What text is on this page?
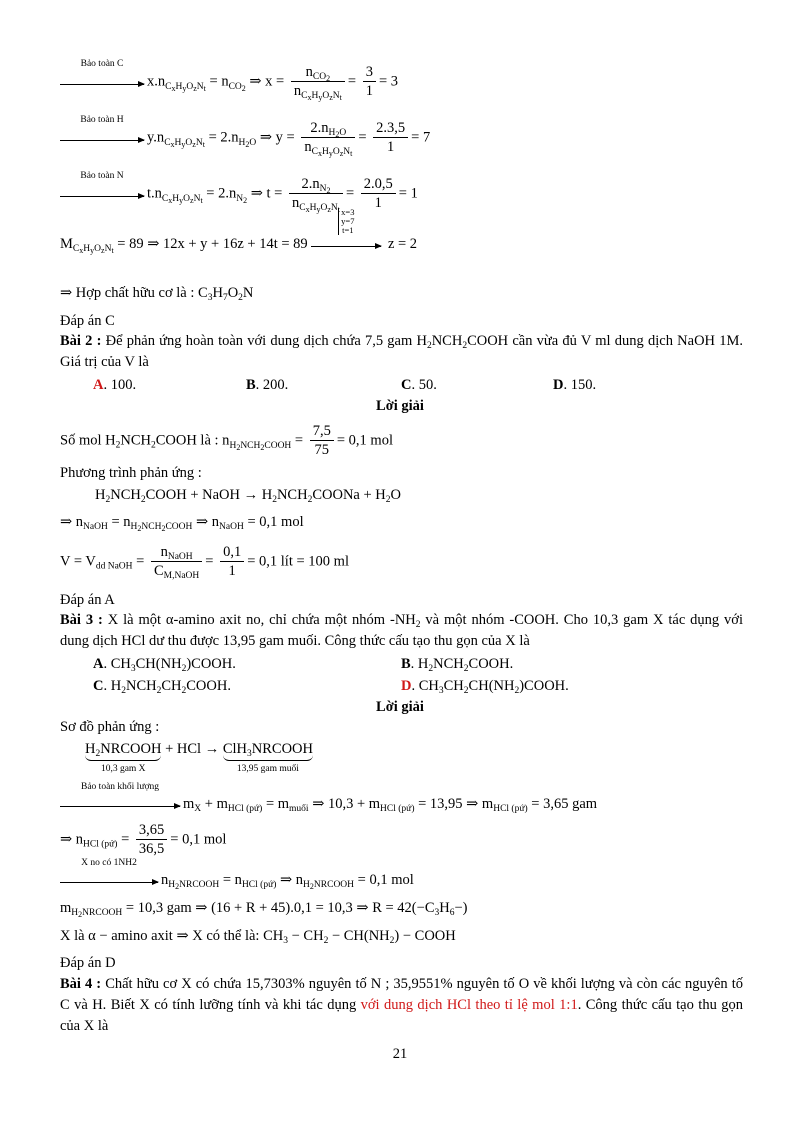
Bảo toàn C
$x.n_{C_xH_yO_zN_t} = n_{CO_2}$ ⇒ $x = \frac{n_{CO_2}}{n_{C_xH_yO_zN_t}} = \frac{3}{1} = 3$
Bảo toàn H
$y.n_{C_xH_yO_zN_t} = 2.n_{H_2O}$ ⇒ $y = \frac{2.n_{H_2O}}{n_{C_xH_yO_zN_t}} = \frac{2.3,5}{1} = 7$
Bảo toàn N
$t.n_{C_xH_yO_zN_t} = 2.n_{N_2}$ ⇒ $t = \frac{2.n_{N_2}}{n_{C_xH_yO_zN_t}} = \frac{2.0,5}{1} = 1$
$M_{C_xH_yO_zN_t} = 89$ ⇒ 12x + y + 16z + 14t = 89
x=3
y=7
t=1
z = 2
⇒ Hợp chất hữu cơ là : $C_3H_7O_2N$
Đáp án C
Bài 2 : Để phản ứng hoàn toàn với dung dịch chứa 7,5 gam $H_2NCH_2COOH$ cần vừa đủ V ml dung dịch NaOH 1M. Giá trị của V là
A. 100.	B. 200.	C. 50.	D. 150.
Lời giải
Số mol $H_2NCH_2COOH$ là : $n_{H_2NCH_2COOH} = \frac{7,5}{75} = 0,1$ mol
Phương trình phản ứng :
$H_2NCH_2COOH$ + NaOH → $H_2NCH_2COONa + H_2O$
⇒ $n_{NaOH} = n_{H_2NCH_2COOH}$ ⇒ $n_{NaOH} = 0,1$ mol
$V = V_{dd NaOH} = \frac{n_{NaOH}}{C_{M,NaOH}} = \frac{0,1}{1} = 0,1$ lít = 100 ml
Đáp án A
Bài 3 : X là một α-amino axit no, chỉ chứa một nhóm $-NH_2$ và một nhóm -COOH. Cho 10,3 gam X tác dụng với dung dịch HCl dư thu được 13,95 gam muối. Công thức cấu tạo thu gọn của X là
A. $CH_3CH(NH_2)COOH$.	B. $H_2NCH_2COOH$.
C. $H_2NCH_2CH_2COOH$.	D. $CH_3CH_2CH(NH_2)COOH$.
Lời giải
Sơ đồ phản ứng :
$H_2NRCOOH$
10,3 gam X
+ HCl → ClH$_3$NRCOOH
13,95 gam muối
Bảo toàn khối lượng
$m_X + m_{HCl (pứ)} = m_{muối}$ ⇒ $10,3 + m_{HCl (pứ)} = 13,95$ ⇒ $m_{HCl (pứ)} = 3,65$ gam
⇒ $n_{HCl (pứ)} = \frac{3,65}{36,5} = 0,1$ mol
X no có 1NH2
$n_{H_2NRCOOH} = n_{HCl (pứ)}$ ⇒ $n_{H_2NRCOOH} = 0,1$ mol
$m_{H_2NRCOOH} = 10,3$ gam ⇒ (16 + R + 45).0,1 = 10,3 ⇒ $R = 42(-C_3H_6-)$
X là α − amino axit ⇒ X có thể là: $CH_3 - CH_2 - CH(NH_2)$ − COOH
Đáp án D
Bài 4 : Chất hữu cơ X có chứa 15,7303% nguyên tố N ; 35,9551% nguyên tố O về khối lượng và còn các nguyên tố C và H. Biết X có tính lưỡng tính và khi tác dụng với dung dịch HCl theo tỉ lệ mol 1:1. Công thức cấu tạo thu gọn của X là
21
